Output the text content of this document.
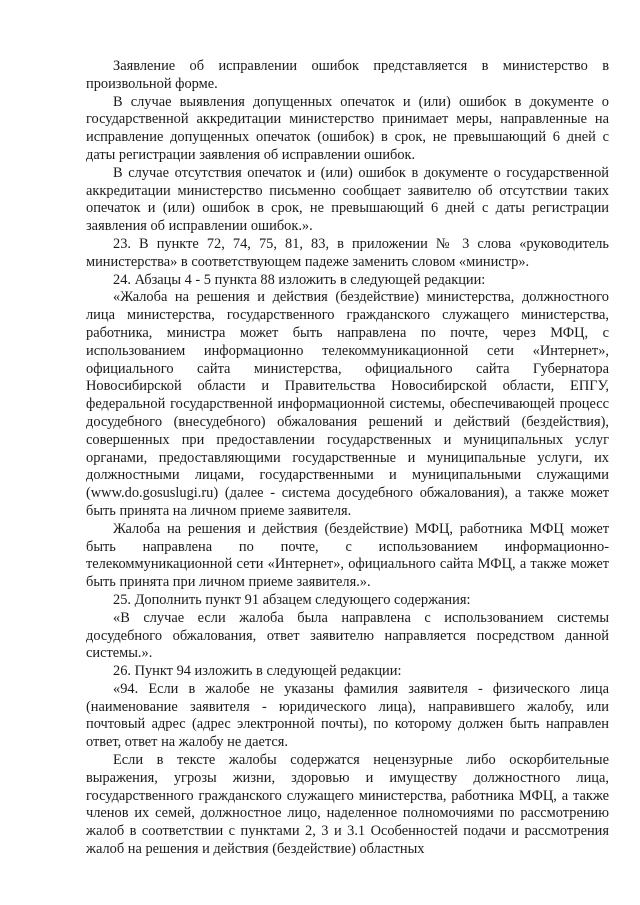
Заявление об исправлении ошибок представляется в министерство в произвольной форме.

В случае выявления допущенных опечаток и (или) ошибок в документе о государственной аккредитации министерство принимает меры, направленные на исправление допущенных опечаток (ошибок) в срок, не превышающий 6 дней с даты регистрации заявления об исправлении ошибок.

В случае отсутствия опечаток и (или) ошибок в документе о государственной аккредитации министерство письменно сообщает заявителю об отсутствии таких опечаток и (или) ошибок в срок, не превышающий 6 дней с даты регистрации заявления об исправлении ошибок.».

23. В пункте 72, 74, 75, 81, 83, в приложении № 3 слова «руководитель министерства» в соответствующем падеже заменить словом «министр».

24. Абзацы 4 - 5 пункта 88 изложить в следующей редакции:

«Жалоба на решения и действия (бездействие) министерства, должностного лица министерства, государственного гражданского служащего министерства, работника, министра может быть направлена по почте, через МФЦ, с использованием информационно телекоммуникационной сети «Интернет», официального сайта министерства, официального сайта Губернатора Новосибирской области и Правительства Новосибирской области, ЕПГУ, федеральной государственной информационной системы, обеспечивающей процесс досудебного (внесудебного) обжалования решений и действий (бездействия), совершенных при предоставлении государственных и муниципальных услуг органами, предоставляющими государственные и муниципальные услуги, их должностными лицами, государственными и муниципальными служащими (www.do.gosuslugi.ru) (далее - система досудебного обжалования), а также может быть принята на личном приеме заявителя.

Жалоба на решения и действия (бездействие) МФЦ, работника МФЦ может быть направлена по почте, с использованием информационно-телекоммуникационной сети «Интернет», официального сайта МФЦ, а также может быть принята при личном приеме заявителя.».

25. Дополнить пункт 91 абзацем следующего содержания:

«В случае если жалоба была направлена с использованием системы досудебного обжалования, ответ заявителю направляется посредством данной системы.».

26. Пункт 94 изложить в следующей редакции:

«94. Если в жалобе не указаны фамилия заявителя - физического лица (наименование заявителя - юридического лица), направившего жалобу, или почтовый адрес (адрес электронной почты), по которому должен быть направлен ответ, ответ на жалобу не дается.

Если в тексте жалобы содержатся нецензурные либо оскорбительные выражения, угрозы жизни, здоровью и имуществу должностного лица, государственного гражданского служащего министерства, работника МФЦ, а также членов их семей, должностное лицо, наделенное полномочиями по рассмотрению жалоб в соответствии с пунктами 2, 3 и 3.1 Особенностей подачи и рассмотрения жалоб на решения и действия (бездействие) областных
